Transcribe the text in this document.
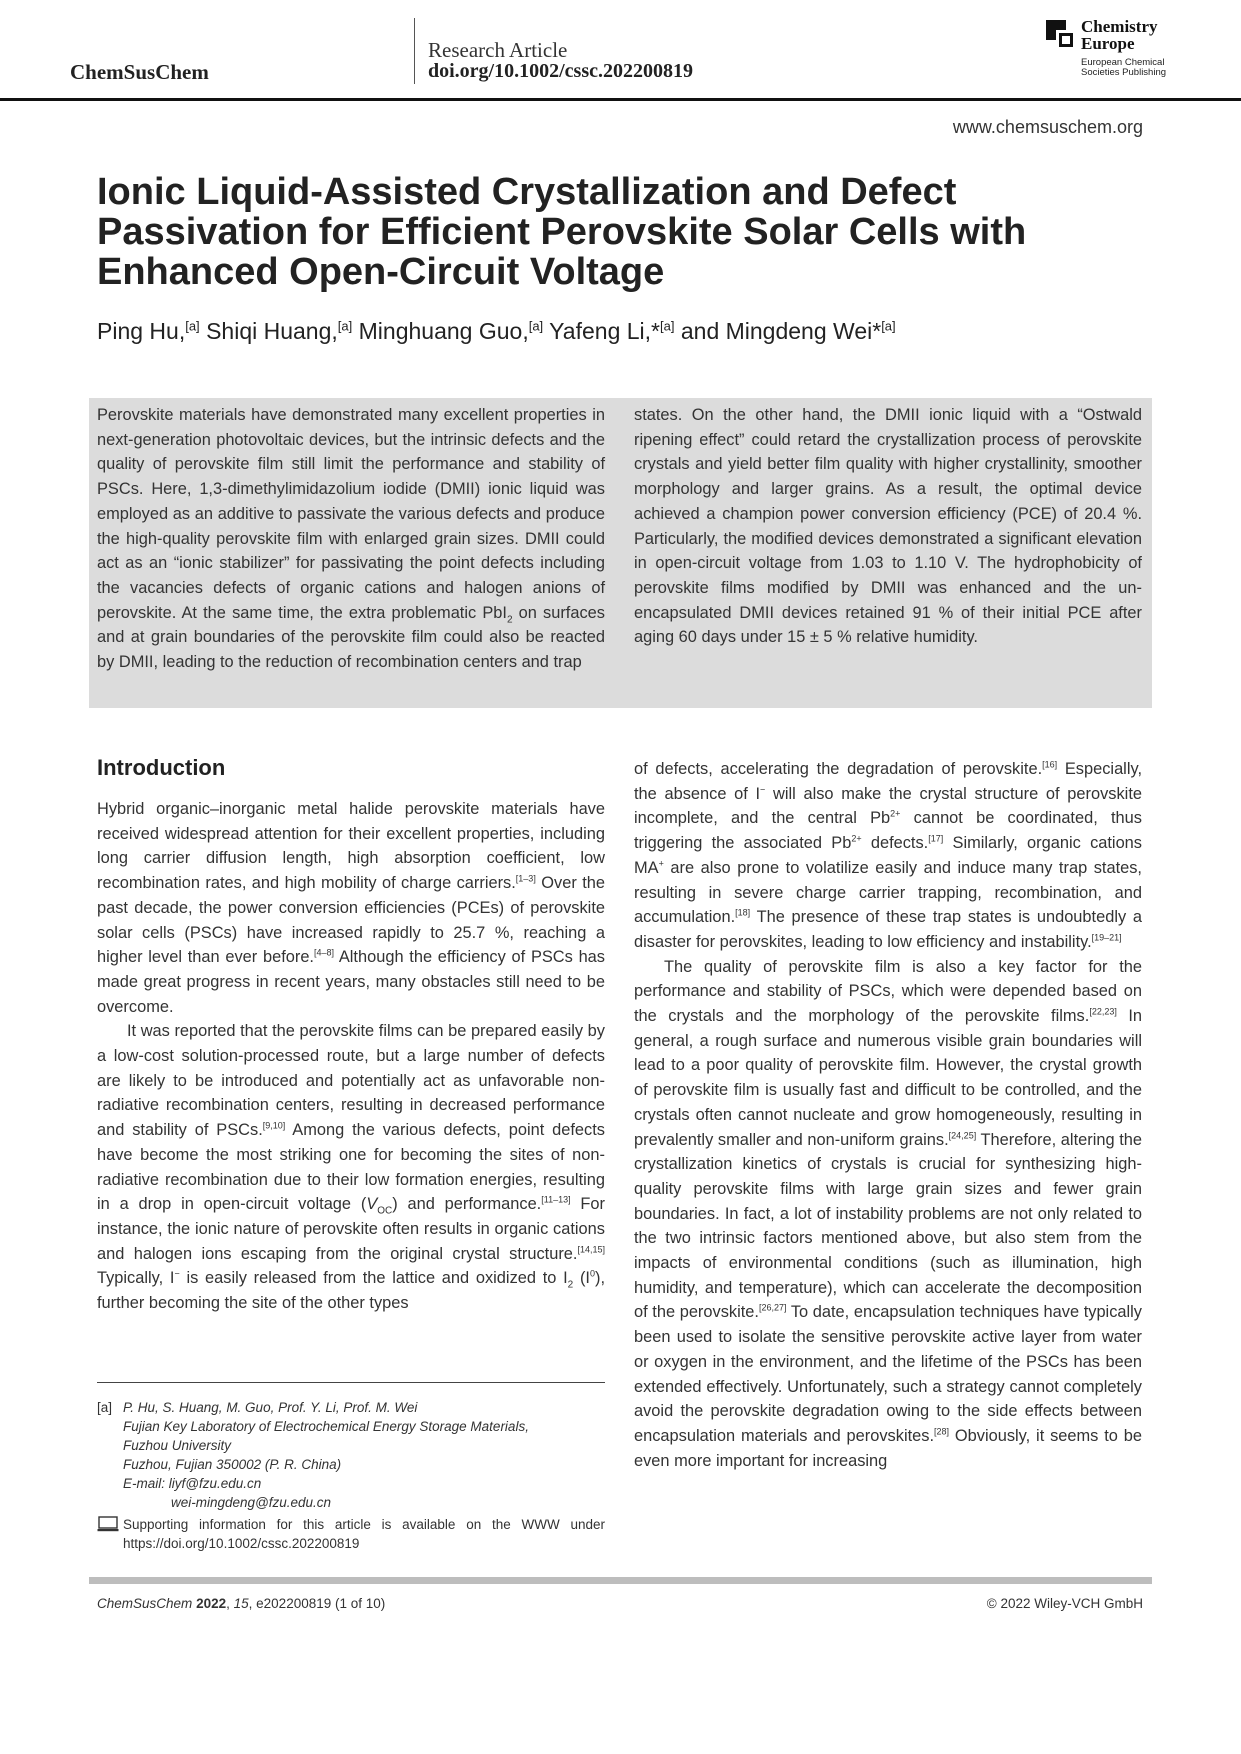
ChemSusChem
Research Article
doi.org/10.1002/cssc.202200819
Chemistry
Europe
European Chemical
Societies Publishing
www.chemsuschem.org
Ionic Liquid-Assisted Crystallization and Defect Passivation for Efficient Perovskite Solar Cells with Enhanced Open-Circuit Voltage
Ping Hu,[a] Shiqi Huang,[a] Minghuang Guo,[a] Yafeng Li,*[a] and Mingdeng Wei*[a]
Perovskite materials have demonstrated many excellent properties in next-generation photovoltaic devices, but the intrinsic defects and the quality of perovskite film still limit the performance and stability of PSCs. Here, 1,3-dimethylimidazolium iodide (DMII) ionic liquid was employed as an additive to passivate the various defects and produce the high-quality perovskite film with enlarged grain sizes. DMII could act as an “ionic stabilizer” for passivating the point defects including the vacancies defects of organic cations and halogen anions of perovskite. At the same time, the extra problematic PbI$_2$ on surfaces and at grain boundaries of the perovskite film could also be reacted by DMII, leading to the reduction of recombination centers and trap
states. On the other hand, the DMII ionic liquid with a “Ostwald ripening effect” could retard the crystallization process of perovskite crystals and yield better film quality with higher crystallinity, smoother morphology and larger grains. As a result, the optimal device achieved a champion power conversion efficiency (PCE) of 20.4 %. Particularly, the modified devices demonstrated a significant elevation in open-circuit voltage from 1.03 to 1.10 V. The hydrophobicity of perovskite films modified by DMII was enhanced and the un-encapsulated DMII devices retained 91 % of their initial PCE after aging 60 days under 15 ± 5 % relative humidity.
Introduction

Hybrid organic–inorganic metal halide perovskite materials have received widespread attention for their excellent properties, including long carrier diffusion length, high absorption coefficient, low recombination rates, and high mobility of charge carriers.[1–3] Over the past decade, the power conversion efficiencies (PCEs) of perovskite solar cells (PSCs) have increased rapidly to 25.7 %, reaching a higher level than ever before.[4–8] Although the efficiency of PSCs has made great progress in recent years, many obstacles still need to be overcome.

It was reported that the perovskite films can be prepared easily by a low-cost solution-processed route, but a large number of defects are likely to be introduced and potentially act as unfavorable non-radiative recombination centers, resulting in decreased performance and stability of PSCs.[9,10] Among the various defects, point defects have become the most striking one for becoming the sites of non-radiative recombination due to their low formation energies, resulting in a drop in open-circuit voltage $(V_{OC})$ and performance.[11–13] For instance, the ionic nature of perovskite often results in organic cations and halogen ions escaping from the original crystal structure.[14,15] Typically, I− is easily released from the lattice and oxidized to $I_2$ $(I^0)$, further becoming the site of the other types

of defects, accelerating the degradation of perovskite.[16] Especially, the absence of I− will also make the crystal structure of perovskite incomplete, and the central $Pb^{2+}$ cannot be coordinated, thus triggering the associated $Pb^{2+}$ defects.[17] Similarly, organic cations MA+ are also prone to volatilize easily and induce many trap states, resulting in severe charge carrier trapping, recombination, and accumulation.[18] The presence of these trap states is undoubtedly a disaster for perovskites, leading to low efficiency and instability.[19–21]

The quality of perovskite film is also a key factor for the performance and stability of PSCs, which were depended based on the crystals and the morphology of the perovskite films.[22,23] In general, a rough surface and numerous visible grain boundaries will lead to a poor quality of perovskite film. However, the crystal growth of perovskite film is usually fast and difficult to be controlled, and the crystals often cannot nucleate and grow homogeneously, resulting in prevalently smaller and non-uniform grains.[24,25] Therefore, altering the crystallization kinetics of crystals is crucial for synthesizing high-quality perovskite films with large grain sizes and fewer grain boundaries. In fact, a lot of instability problems are not only related to the two intrinsic factors mentioned above, but also stem from the impacts of environmental conditions (such as illumination, high humidity, and temperature), which can accelerate the decomposition of the perovskite.[26,27] To date, encapsulation techniques have typically been used to isolate the sensitive perovskite active layer from water or oxygen in the environment, and the lifetime of the PSCs has been extended effectively. Unfortunately, such a strategy cannot completely avoid the perovskite degradation owing to the side effects between encapsulation materials and perovskites.[28] Obviously, it seems to be even more important for increasing

[a] P. Hu, S. Huang, M. Guo, Prof. Y. Li, Prof. M. Wei
Fujian Key Laboratory of Electrochemical Energy Storage Materials,
Fuzhou University
Fuzhou, Fujian 350002 (P. R. China)
E-mail: liyf@fzu.edu.cn
wei-mingdeng@fzu.edu.cn
Supporting information for this article is available on the WWW under https://doi.org/10.1002/cssc.202200819
ChemSusChem 2022, 15, e202200819 (1 of 10)	© 2022 Wiley-VCH GmbH
